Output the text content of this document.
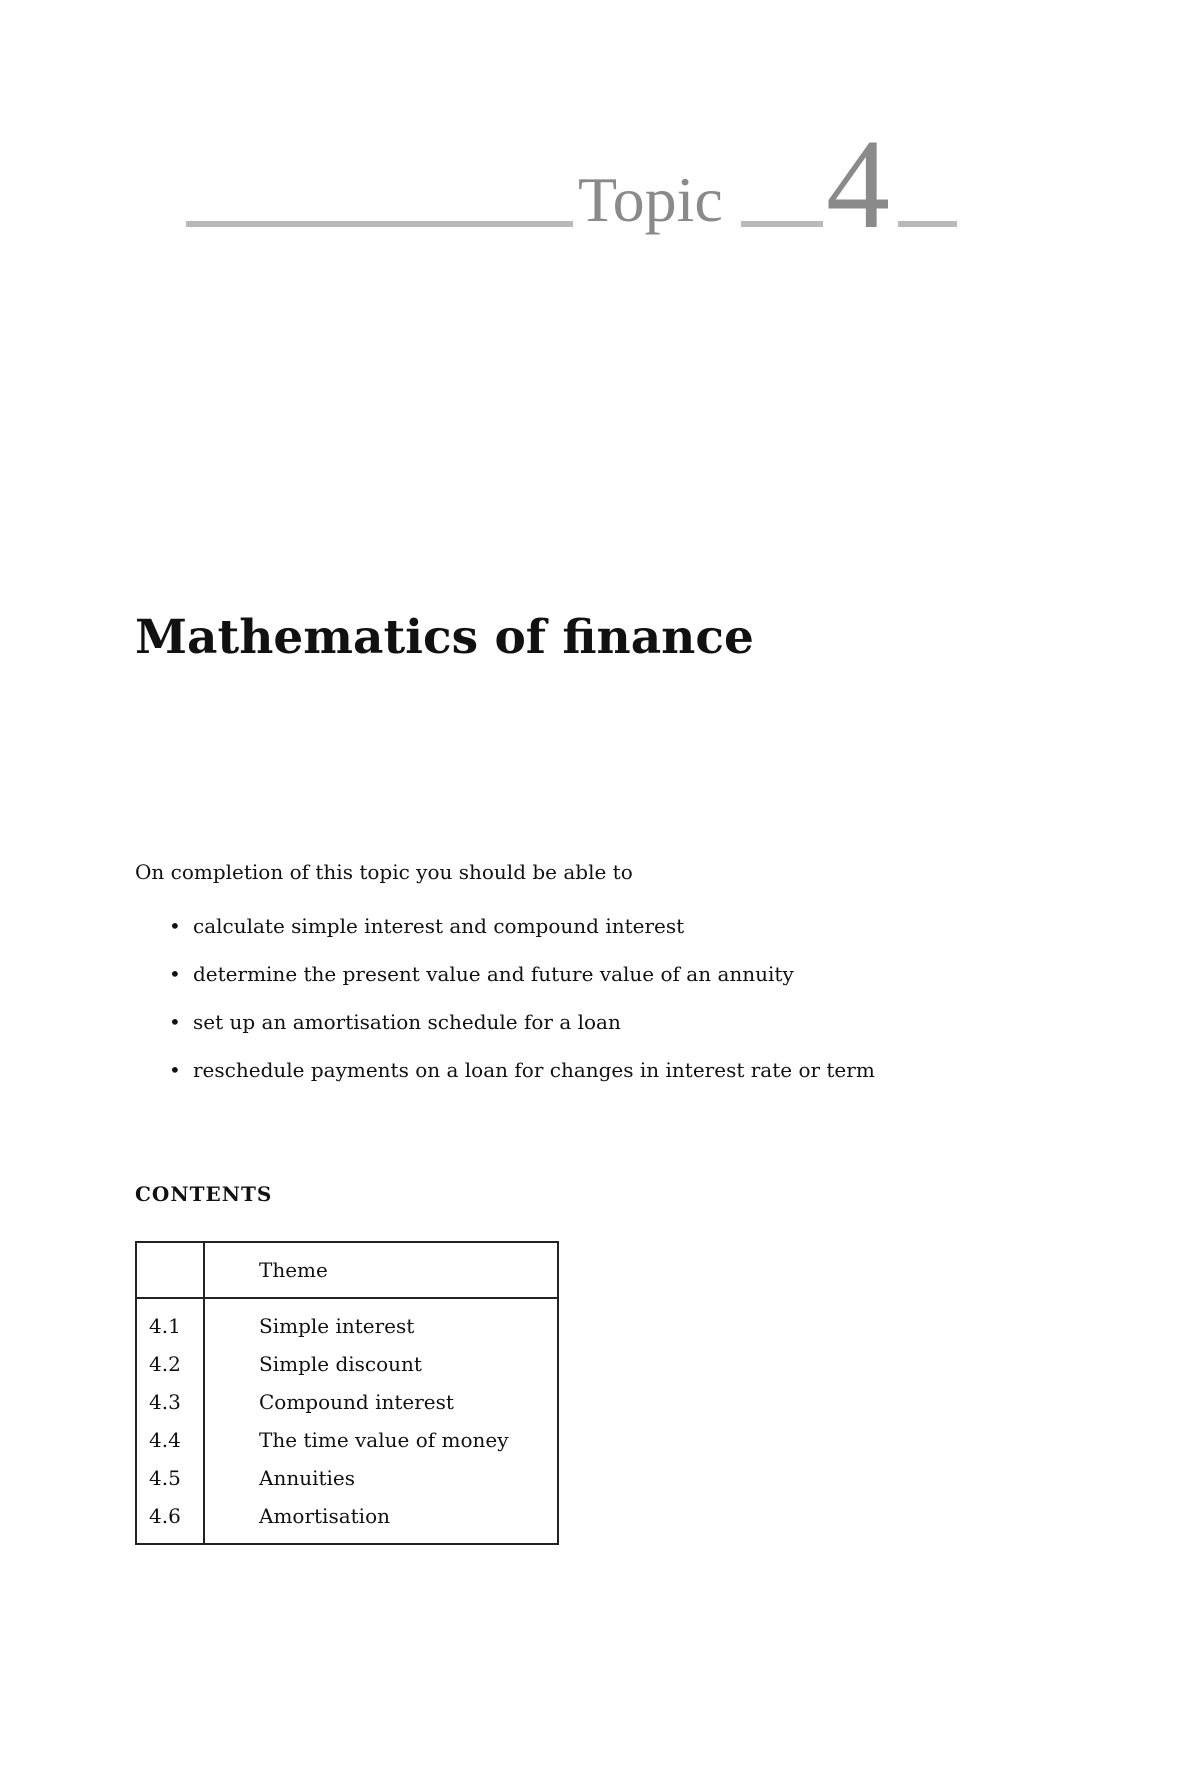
Topic 4
Mathematics of finance

On completion of this topic you should be able to

• calculate simple interest and compound interest
• determine the present value and future value of an annuity
• set up an amortisation schedule for a loan
• reschedule payments on a loan for changes in interest rate or term
CONTENTS
	Theme
4.1	Simple interest
4.2	Simple discount
4.3	Compound interest
4.4	The time value of money
4.5	Annuities
4.6	Amortisation
